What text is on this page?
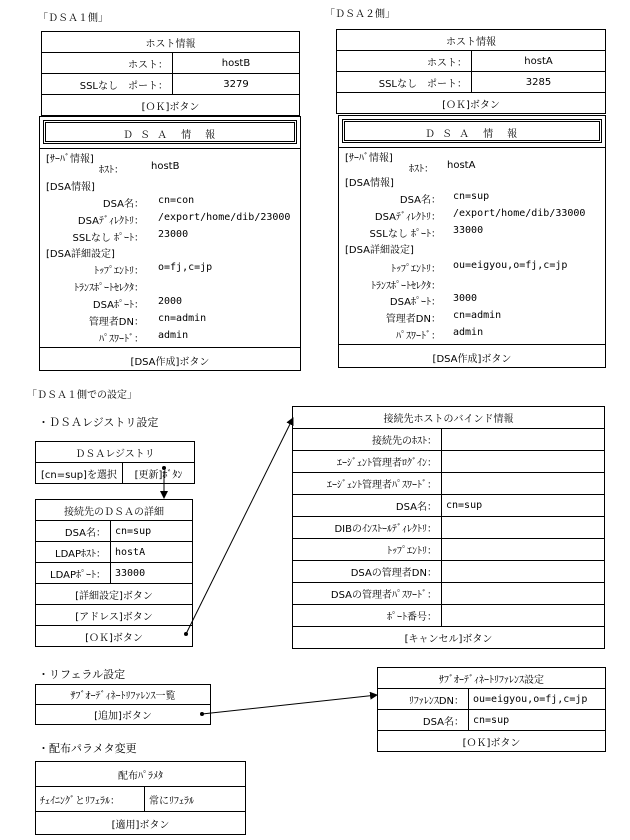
「ＤＳＡ１側」	「ＤＳＡ２側」
ホスト情報	
ホスト：	hostB
SSLなし　ポート：	3279
[ＯＫ]ボタン	
ホスト情報	
ホスト：	hostA
SSLなし　ポート：	3285
[ＯＫ]ボタン	
Ｄ Ｓ Ａ　情　報
[ｻｰﾊﾞ情報]
ﾎｽﾄ：	hostB
[DSA情報]
DSA名： cn=con
DSAﾃﾞｨﾚｸﾄﾘ： /export/home/dib/23000
SSLなし ﾎﾟｰﾄ： 23000
[DSA詳細設定]
ﾄｯﾌﾟｴﾝﾄﾘ： o=fj,c=jp
ﾄﾗﾝｽﾎﾟｰﾄｾﾚｸﾀ：
DSAﾎﾟｰﾄ： 2000
管理者DN： cn=admin
ﾊﾟｽﾜｰﾄﾞ： admin
[DSA作成]ボタン
Ｄ Ｓ Ａ　情　報
[ｻｰﾊﾞ情報]
ﾎｽﾄ： hostA
[DSA情報]
DSA名： cn=sup
DSAﾃﾞｨﾚｸﾄﾘ： /export/home/dib/33000
SSLなし ﾎﾟｰﾄ： 33000
[DSA詳細設定]
ﾄｯﾌﾟｴﾝﾄﾘ： ou=eigyou,o=fj,c=jp
ﾄﾗﾝｽﾎﾟｰﾄｾﾚｸﾀ：
DSAﾎﾟｰﾄ： 3000
管理者DN： cn=admin
ﾊﾟｽﾜｰﾄﾞ： admin
[DSA作成]ボタン
「ＤＳＡ１側での設定」
・ＤＳＡレジストリ設定
ＤＳＡレジストリ
[cn=sup]を選択	[更新]ﾎﾞﾀﾝ
接続先のＤＳＡの詳細	
DSA名：	cn=sup
LDAPﾎｽﾄ：	hostA
LDAPﾎﾟｰﾄ：	33000
[詳細設定]ボタン	
[アドレス]ボタン	
[ＯＫ]ボタン	
接続先ホストのバインド情報	
接続先のﾎｽﾄ：	
ｴｰｼﾞｪﾝﾄ管理者ﾛｸﾞｲﾝ：	
ｴｰｼﾞｪﾝﾄ管理者ﾊﾟｽﾜｰﾄﾞ：	
DSA名：	cn=sup
DIBのｲﾝｽﾄｰﾙﾃﾞｨﾚｸﾄﾘ：	
ﾄｯﾌﾟｴﾝﾄﾘ：	
DSAの管理者DN：	
DSAの管理者ﾊﾟｽﾜｰﾄﾞ：	
ﾎﾟｰﾄ番号：	
[キャンセル]ボタン	
・リフェラル設定
ｻﾌﾞｵｰﾃﾞｨﾈｰﾄﾘﾌｧﾚﾝｽ一覧
[追加]ボタン
ｻﾌﾞｵｰﾃﾞｨﾈｰﾄﾘﾌｧﾚﾝｽ設定	
ﾘﾌｧﾚﾝｽDN：	ou=eigyou,o=fj,c=jp
DSA名：	cn=sup
[ＯＫ]ボタン	
・配布パラメタ変更
配布ﾊﾟﾗﾒﾀ
ﾁｪｲﾆﾝｸﾞとﾘﾌｪﾗﾙ：	常にﾘﾌｪﾗﾙ
[適用]ボタン
